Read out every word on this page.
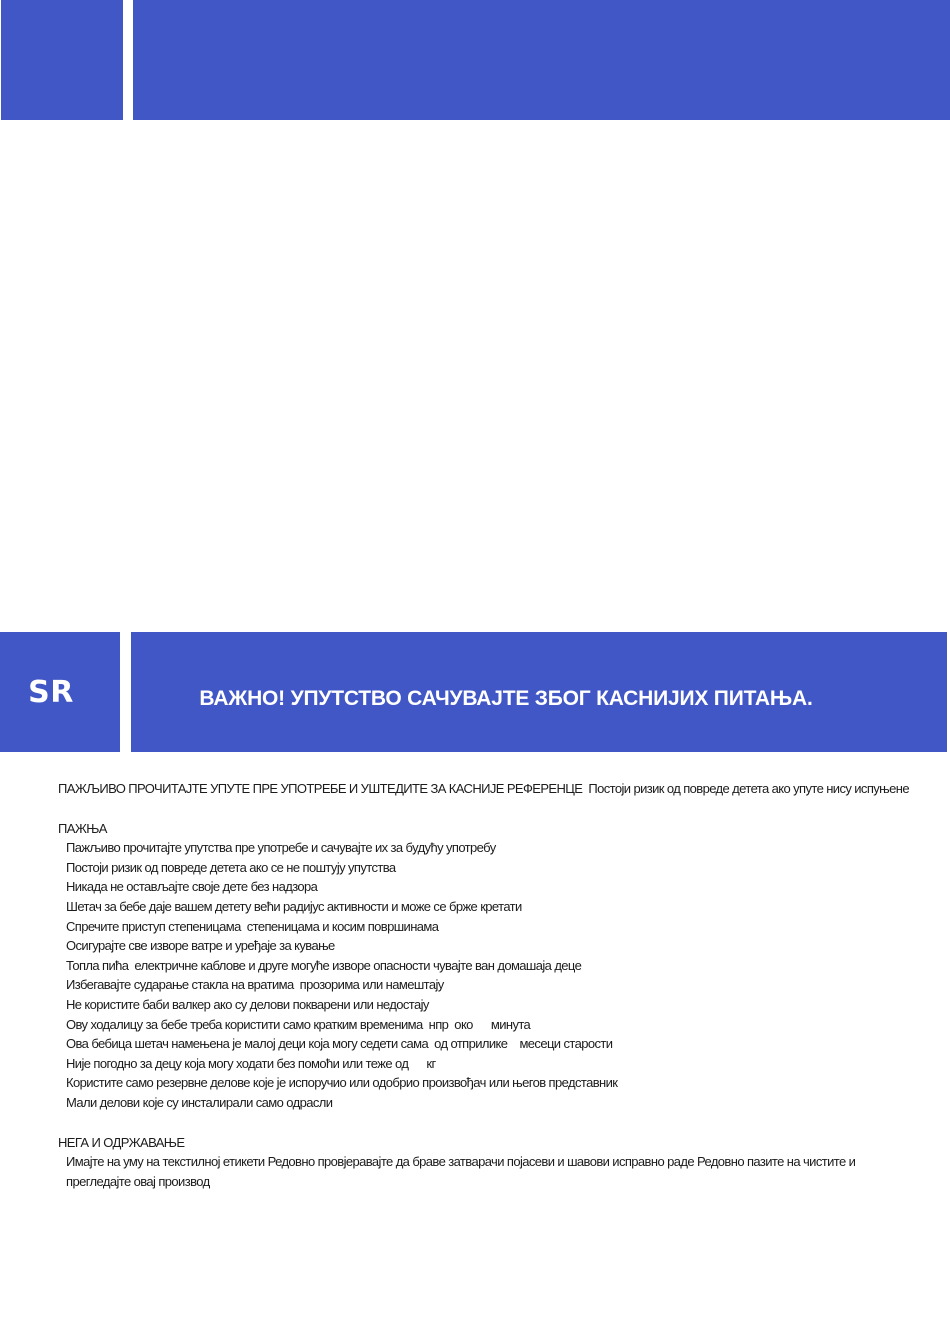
SR	ВАЖНО! УПУТСТВО САЧУВАЈТЕ ЗБОГ КАСНИЈИХ ПИТАЊА.

ПАЖЉИВО ПРОЧИТАЈТЕ УПУТЕ ПРЕ УПОТРЕБЕ И УШТЕДИТЕ ЗА КАСНИЈЕ РЕФЕРЕНЦЕ  Постоји ризик од повреде детета ако упуте нису испуњене

ПАЖЊА

Пажљиво прочитајте упутства пре употребе и сачувајте их за будућу употребу

Постоји ризик од повреде детета ако се не поштују упутства

Никада не остављајте своје дете без надзора

Шетач за бебе даје вашем детету већи радијус активности и може се брже кретати

Спречите приступ степеницама  степеницама и косим површинама

Осигурајте све изворе ватре и уређаје за кување

Топла пића  електричне каблове и друге могуће изворе опасности чувајте ван домашаја деце

Избегавајте сударање стакла на вратима  прозорима или намештају

Не користите баби валкер ако су делови покварени или недостају

Ову ходалицу за бебе треба користити само кратким временима  нпр  око      минута

Ова бебица шетач намењена је малој деци која могу седети сама  од отприлике    месеци старости

Није погодно за децу која могу ходати без помоћи или теже од      кг

Користите само резервне делове које је испоручио или одобрио произвођач или његов представник

Мали делови које су инсталирали само одрасли

НЕГА И ОДРЖАВАЊЕ

Имајте на уму на текстилној етикети Редовно провјеравајте да браве затварачи појасеви и шавови исправно раде Редовно пазите на чистите и прегледајте овај производ
